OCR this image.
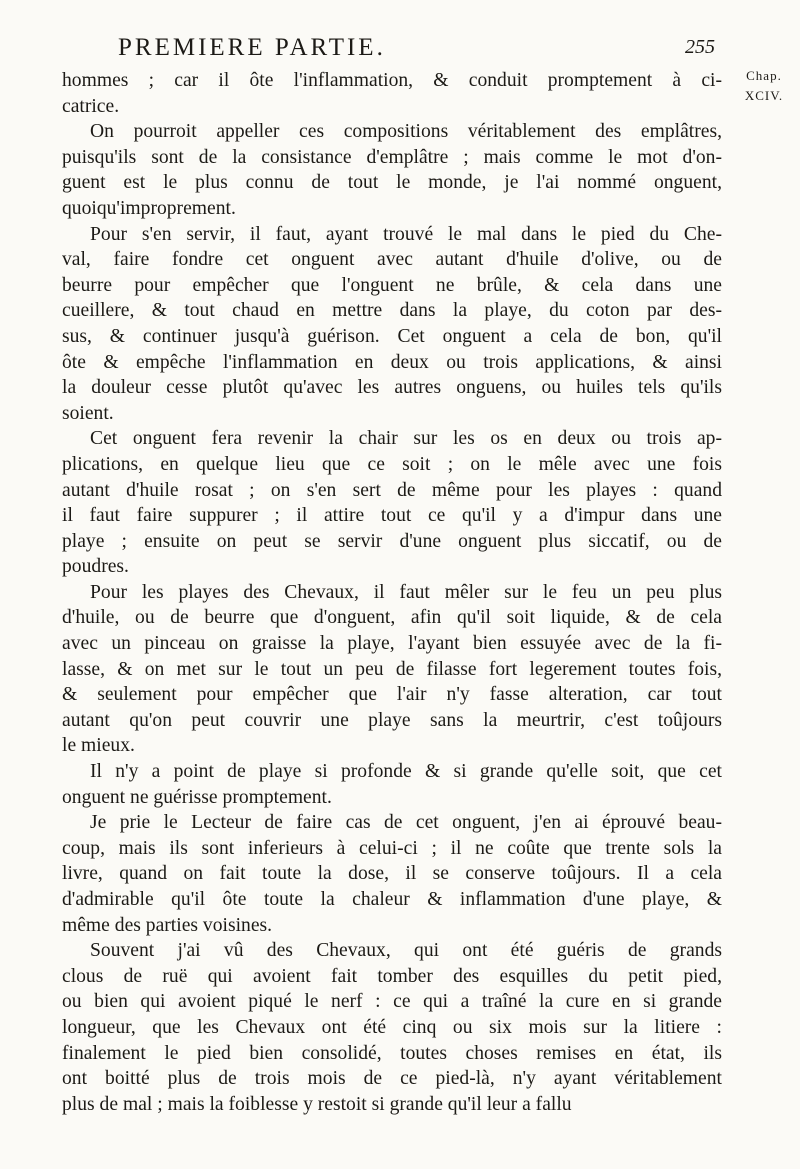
PREMIERE PARTIE.	255
Chap.
XCIV.

hommes ; car il ôte l'inflammation, & conduit promptement à ci-
catrice.

On pourroit appeller ces compositions véritablement des emplâtres,
puisqu'ils sont de la consistance d'emplâtre ; mais comme le mot d'on-
guent est le plus connu de tout le monde, je l'ai nommé onguent,
quoiqu'improprement.

Pour s'en servir, il faut, ayant trouvé le mal dans le pied du Che-
val, faire fondre cet onguent avec autant d'huile d'olive, ou de
beurre pour empêcher que l'onguent ne brûle, & cela dans une
cueillere, & tout chaud en mettre dans la playe, du coton par des-
sus, & continuer jusqu'à guérison. Cet onguent a cela de bon, qu'il
ôte & empêche l'inflammation en deux ou trois applications, & ainsi
la douleur cesse plutôt qu'avec les autres onguens, ou huiles tels qu'ils
soient.

Cet onguent fera revenir la chair sur les os en deux ou trois ap-
plications, en quelque lieu que ce soit ; on le mêle avec une fois
autant d'huile rosat ; on s'en sert de même pour les playes : quand
il faut faire suppurer ; il attire tout ce qu'il y a d'impur dans une
playe ; ensuite on peut se servir d'une onguent plus siccatif, ou de
poudres.

Pour les playes des Chevaux, il faut mêler sur le feu un peu plus
d'huile, ou de beurre que d'onguent, afin qu'il soit liquide, & de cela
avec un pinceau on graisse la playe, l'ayant bien essuyée avec de la fi-
lasse, & on met sur le tout un peu de filasse fort legerement toutes fois,
& seulement pour empêcher que l'air n'y fasse alteration, car tout
autant qu'on peut couvrir une playe sans la meurtrir, c'est toûjours
le mieux.

Il n'y a point de playe si profonde & si grande qu'elle soit, que cet
onguent ne guérisse promptement.

Je prie le Lecteur de faire cas de cet onguent, j'en ai éprouvé beau-
coup, mais ils sont inferieurs à celui-ci ; il ne coûte que trente sols la
livre, quand on fait toute la dose, il se conserve toûjours. Il a cela
d'admirable qu'il ôte toute la chaleur & inflammation d'une playe, &
même des parties voisines.

Souvent j'ai vû des Chevaux, qui ont été guéris de grands
clous de ruë qui avoient fait tomber des esquilles du petit pied,
ou bien qui avoient piqué le nerf : ce qui a traîné la cure en si grande
longueur, que les Chevaux ont été cinq ou six mois sur la litiere :
finalement le pied bien consolidé, toutes choses remises en état, ils
ont boitté plus de trois mois de ce pied-là, n'y ayant véritablement
plus de mal ; mais la foiblesse y restoit si grande qu'il leur a fallu
